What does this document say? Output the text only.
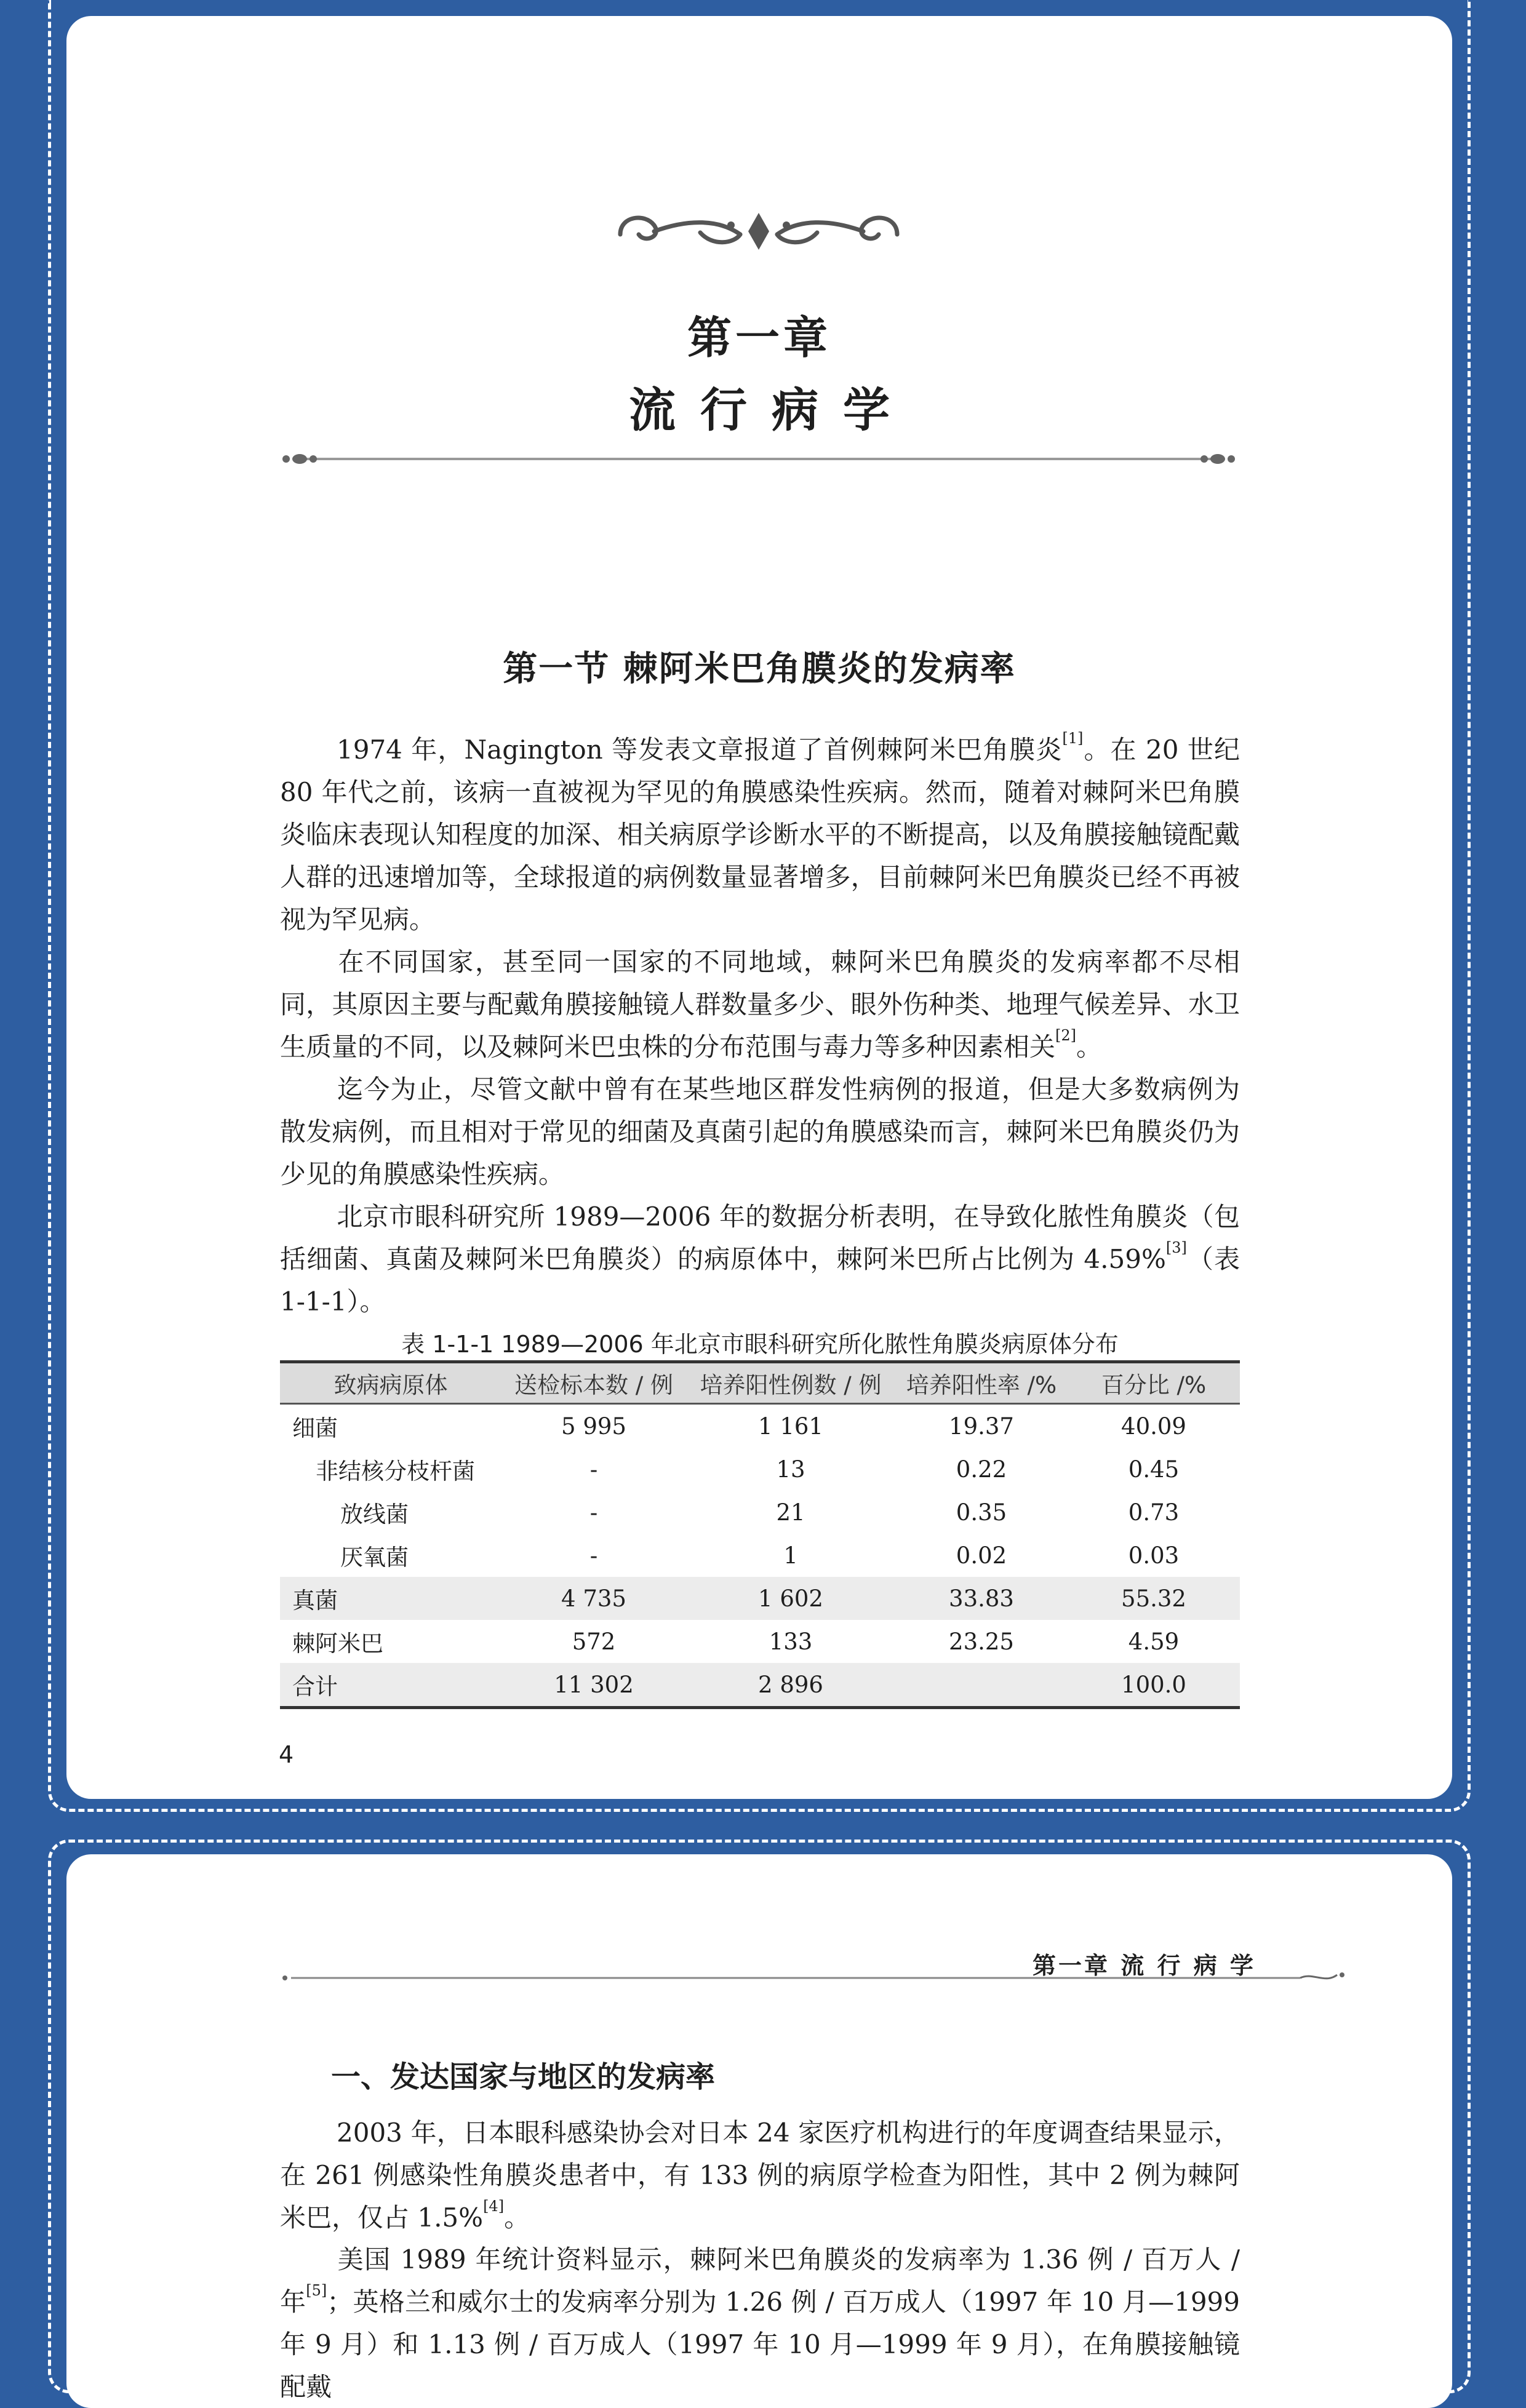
第一章
流行病学
第一节 棘阿米巴角膜炎的发病率

1974 年，Nagington 等发表文章报道了首例棘阿米巴角膜炎[1]。在 20 世纪 80 年代之前，该病一直被视为罕见的角膜感染性疾病。然而，随着对棘阿米巴角膜炎临床表现认知程度的加深、相关病原学诊断水平的不断提高，以及角膜接触镜配戴人群的迅速增加等，全球报道的病例数量显著增多，目前棘阿米巴角膜炎已经不再被视为罕见病。

在不同国家，甚至同一国家的不同地域，棘阿米巴角膜炎的发病率都不尽相同，其原因主要与配戴角膜接触镜人群数量多少、眼外伤种类、地理气候差异、水卫生质量的不同，以及棘阿米巴虫株的分布范围与毒力等多种因素相关[2]。

迄今为止，尽管文献中曾有在某些地区群发性病例的报道，但是大多数病例为散发病例，而且相对于常见的细菌及真菌引起的角膜感染而言，棘阿米巴角膜炎仍为少见的角膜感染性疾病。

北京市眼科研究所 1989—2006 年的数据分析表明，在导致化脓性角膜炎（包括细菌、真菌及棘阿米巴角膜炎）的病原体中，棘阿米巴所占比例为 4.59%[3]（表 1-1-1）。

表 1-1-1 1989—2006 年北京市眼科研究所化脓性角膜炎病原体分布
致病病原体	送检标本数 / 例	培养阳性例数 / 例	培养阳性率 /%	百分比 /%
细菌	5 995	1 161	19.37	40.09
非结核分枝杆菌	-	13	0.22	0.45
放线菌	-	21	0.35	0.73
厌氧菌	-	1	0.02	0.03
真菌	4 735	1 602	33.83	55.32
棘阿米巴	572	133	23.25	4.59
合计	11 302	2 896		100.0
4
第一章 流 行 病 学
一、发达国家与地区的发病率

2003 年，日本眼科感染协会对日本 24 家医疗机构进行的年度调查结果显示，在 261 例感染性角膜炎患者中，有 133 例的病原学检查为阳性，其中 2 例为棘阿米巴，仅占 1.5%[4]。

美国 1989 年统计资料显示，棘阿米巴角膜炎的发病率为 1.36 例 / 百万人 / 年[5]；英格兰和威尔士的发病率分别为 1.26 例 / 百万成人（1997 年 10 月—1999 年 9 月）和 1.13 例 / 百万成人（1997 年 10 月—1999 年 9 月），在角膜接触镜配戴
